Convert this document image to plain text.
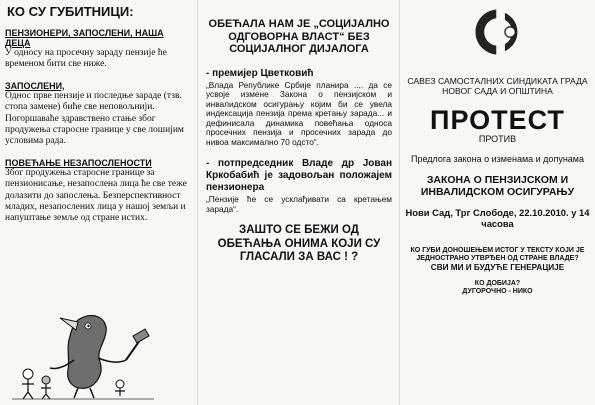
КО СУ ГУБИТНИЦИ:
ПЕНЗИОНЕРИ, ЗАПОСЛЕНИ, НАША ДЕЦА
У односу на просечну зараду пензије ће временом бити све ниже.
ЗАПОСЛЕНИ,
Однос прве пензије и последње зараде (тзв. стопа замене) биће све неповољнији. Погоршаваће здравствено стање због продужења старосне границе у све лошијим условима рада.
ПОВЕЋАЊЕ НЕЗАПОСЛЕНОСТИ
Због продужења старосне границе за пензионисање, незапослена лица ће све теже долазити до запослења. Безперспективност младих, незапослених лица у нашој земљи и напуштање земље од стране истих.
ОБЕЋАЛА НАМ ЈЕ „СОЦИЈАЛНО ОДГОВОРНА ВЛАСТ“ БЕЗ СОЦИЈАЛНОГ ДИЈАЛОГА
- премијер Цветковић
„Влада Републике Србије планира .... да се усвоје измене Закона о пензијском и инвалидском осигурању којим би се увела индексација пензија према кретању зарада... и дефинисала динамика повећања односа просечних пензија и просечних зарада до нивоа максимално 70 одсто“.
- потпредседник Владе др Јован Кркобабић је задовољан положајем пензионера
„Пензије ће се усклађивати са кретањем зарада“.
ЗАШТО СЕ БЕЖИ ОД ОБЕЋАЊА ОНИМА КОЈИ СУ ГЛАСАЛИ ЗА ВАС ! ?
САВЕЗ САМОСТАЛНИХ СИНДИКАТА ГРАДА НОВОГ САДА И ОПШТИНА
ПРОТЕСТ
ПРОТИВ
Предлога закона о изменама и допунама
ЗАКОНА О ПЕНЗИЈСКОМ И ИНВАЛИДСКОМ ОСИГУРАЊУ
Нови Сад, Трг Слободе, 22.10.2010. у 14 часова
КО ГУБИ ДОНОШЕЊЕМ ИСТОГ У ТЕКСТУ КОЈИ ЈЕ ЈЕДНОСТРАНО УТВРЂЕН ОД СТРАНЕ ВЛАДЕ?
СВИ МИ И БУДУЋЕ ГЕНЕРАЦИЈЕ
КО ДОБИЈА?
ДУГОРОЧНО - НИКО
